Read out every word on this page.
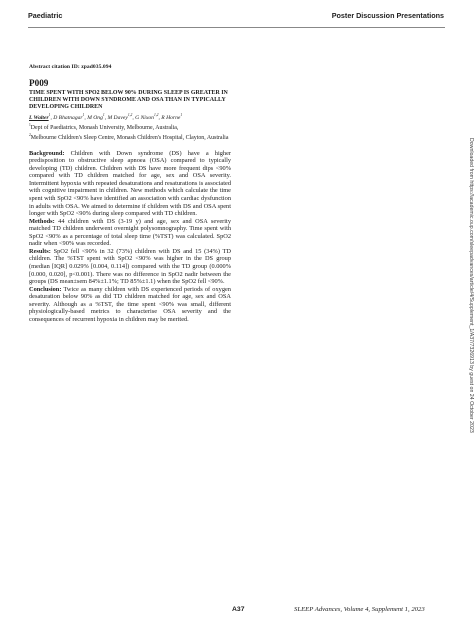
Paediatric	Poster Discussion Presentations
Abstract citation ID: zpad035.094
P009
TIME SPENT WITH SPO2 BELOW 90% DURING SLEEP IS GREATER IN CHILDREN WITH DOWN SYNDROME AND OSA THAN IN TYPICALLY DEVELOPING CHILDREN
L Walter$^1$, D Bhatnagar$^1$, M Ong$^1$, M Davey$^{1,2}$, G Nixon$^{1,2}$, R Horne$^1$
$^1$Dept of Paediatrics, Monash University, Melbourne, Australia,
$^2$Melbourne Children's Sleep Centre, Monash Children's Hospital, Clayton, Australia

Background: Children with Down syndrome (DS) have a higher predisposition to obstructive sleep apnoea (OSA) compared to typically developing (TD) children. Children with DS have more frequent dips <90% compared with TD children matched for age, sex and OSA severity. Intermittent hypoxia with repeated desaturations and resaturations is associated with cognitive impairment in children. New methods which calculate the time spent with SpO2 <90% have identified an association with cardiac dysfunction in adults with OSA. We aimed to determine if children with DS and OSA spent longer with SpO2 <90% during sleep compared with TD children.

Methods: 44 children with DS (3-19 y) and age, sex and OSA severity matched TD children underwent overnight polysomnography. Time spent with SpO2 <90% as a percentage of total sleep time (%TST) was calculated. SpO2 nadir when <90% was recorded.

Results: SpO2 fell <90% in 32 (73%) children with DS and 15 (34%) TD children. The %TST spent with SpO2 <90% was higher in the DS group (median [IQR] 0.029% [0.004, 0.114]) compared with the TD group (0.000% [0.000, 0.020], p<0.001). There was no difference in SpO2 nadir between the groups (DS mean±sem 84%±1.1%; TD 85%±1.1) when the SpO2 fell <90%.

Conclusion: Twice as many children with DS experienced periods of oxygen desaturation below 90% as did TD children matched for age, sex and OSA severity. Although as a %TST, the time spent <90% was small, different physiologically-based metrics to characterise OSA severity and the consequences of recurrent hypoxia in children may be merited.	Downloaded from https://academic.oup.com/sleepadvances/article/4/Supplement_1/A37/7326913 by guest on 24 October 2023
A37	SLEEP Advances, Volume 4, Supplement 1, 2023
